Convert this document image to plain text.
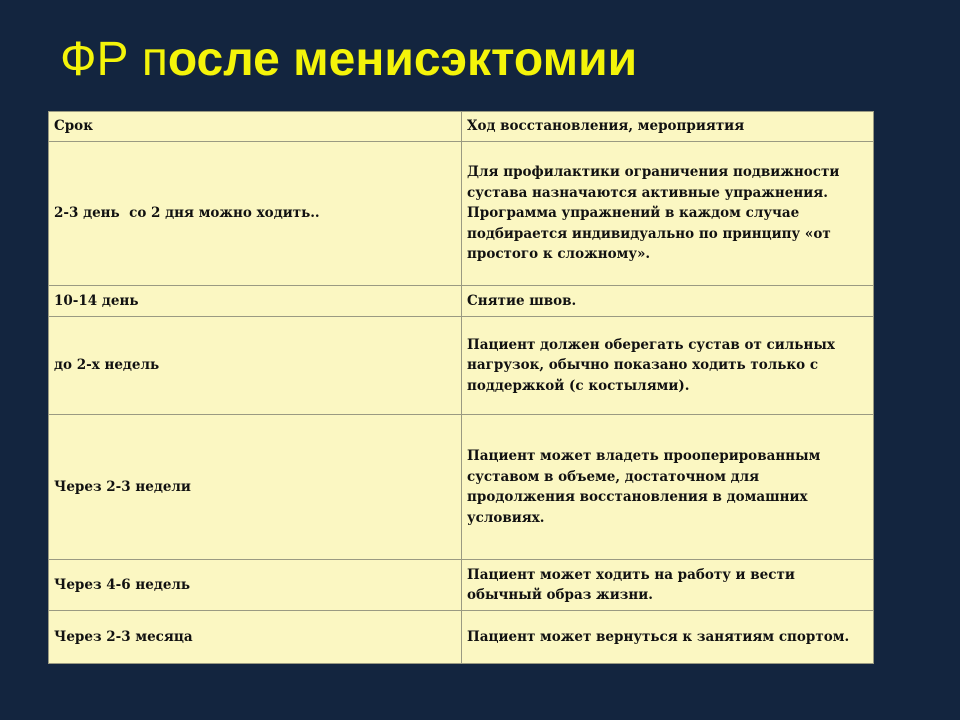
ФР после менисэктомии
Срок	Ход восстановления, мероприятия
2-3 день  со 2 дня можно ходить..	Для профилактики ограничения подвижности сустава назначаются активные упражнения. Программа упражнений в каждом случае подбирается индивидуально по принципу «от простого к сложному».
10-14 день	Снятие швов.
до 2-х недель	Пациент должен оберегать сустав от сильных нагрузок, обычно показано ходить только с поддержкой (с костылями).
Через 2-3 недели	Пациент может владеть прооперированным суставом в объеме, достаточном для продолжения восстановления в домашних условиях.
Через 4-6 недель	Пациент может ходить на работу и вести обычный образ жизни.
Через 2-3 месяца	Пациент может вернуться к занятиям спортом.
